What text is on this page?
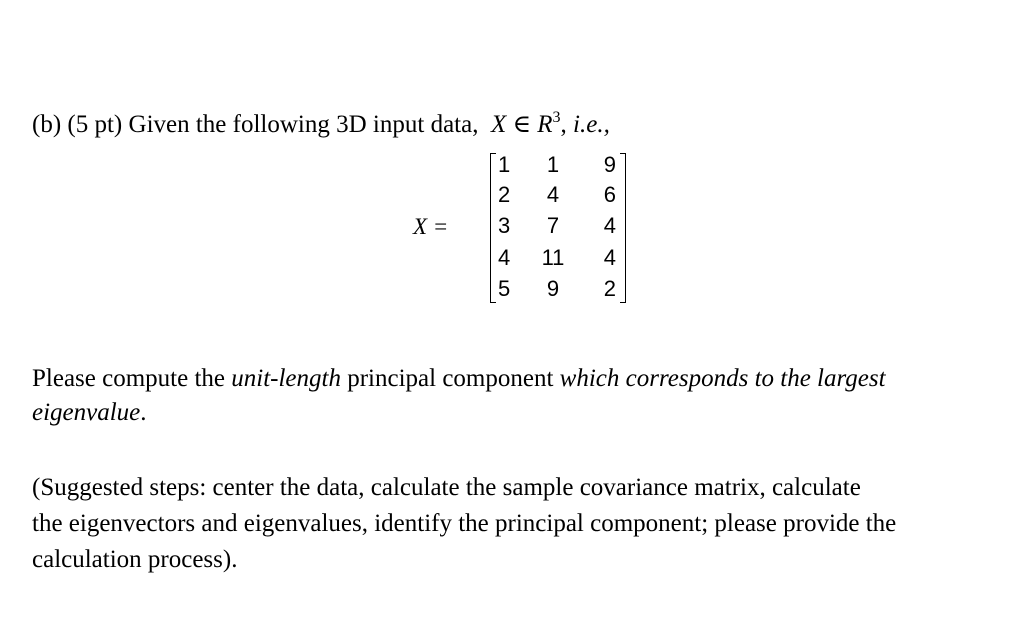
(b) (5 pt) Given the following 3D input data, X ∈ $R^3$, i.e.,
X =
1	1	9
2	4	6
3	7	4
4	11	4
5	9	2
Please compute the unit-length principal component which corresponds to the largest
eigenvalue.
(Suggested steps: center the data, calculate the sample covariance matrix, calculate
the eigenvectors and eigenvalues, identify the principal component; please provide the
calculation process).
